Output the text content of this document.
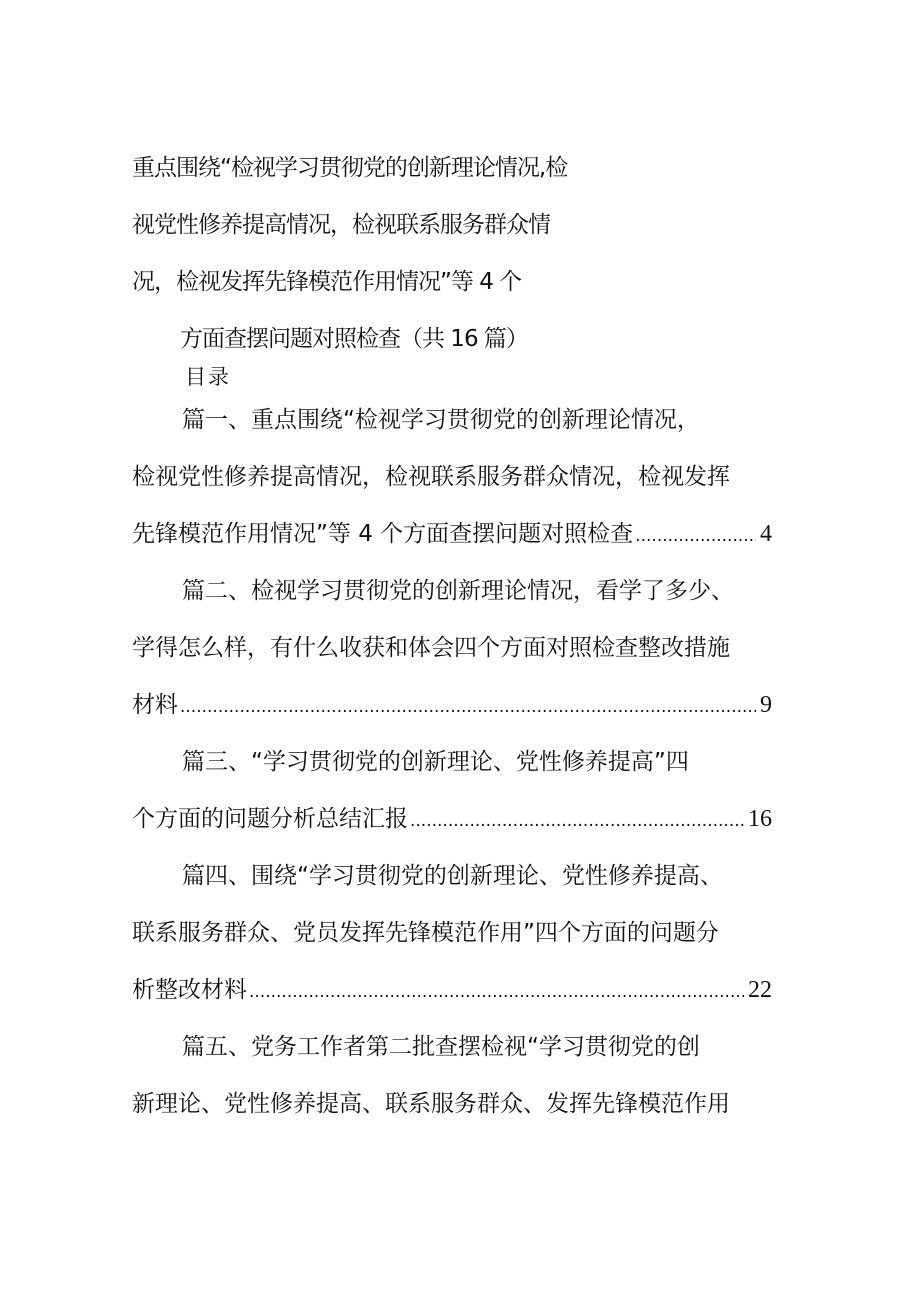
重点围绕“检视学习贯彻党的创新理论情况,检
视党性修养提高情况，检视联系服务群众情
况，检视发挥先锋模范作用情况”等 4 个
方面查摆问题对照检查（共 16 篇）
目录
篇一、重点围绕“检视学习贯彻党的创新理论情况，
检视党性修养提高情况，检视联系服务群众情况，检视发挥
先锋模范作用情况”等 4 个方面查摆问题对照检查 .....	4
篇二、检视学习贯彻党的创新理论情况，看学了多少、
学得怎么样，有什么收获和体会四个方面对照检查整改措施
材料 .....	9
篇三、“学习贯彻党的创新理论、党性修养提高”四
个方面的问题分析总结汇报 .....	16
篇四、围绕“学习贯彻党的创新理论、党性修养提高、
联系服务群众、党员发挥先锋模范作用”四个方面的问题分
析整改材料 .....	22
篇五、党务工作者第二批查摆检视“学习贯彻党的创
新理论、党性修养提高、联系服务群众、发挥先锋模范作用
